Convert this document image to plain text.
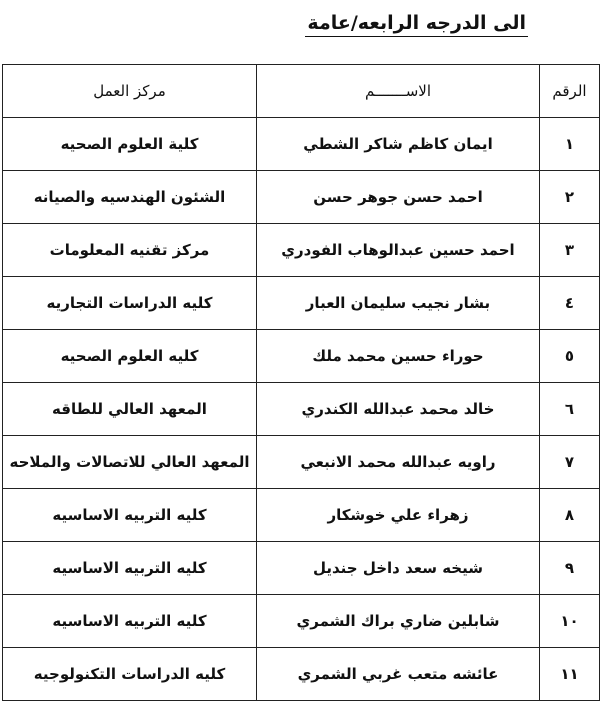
الى الدرجه الرابعه/عامة
الرقم	الاســـــــم	مركز العمل
١	ايمان كاظم شاكر الشطي	كلية العلوم الصحيه
٢	احمد حسن جوهر حسن	الشئون الهندسيه والصيانه
٣	احمد حسين عبدالوهاب الفودري	مركز تقنيه المعلومات
٤	بشار نجيب سليمان العبار	كليه الدراسات التجاريه
٥	حوراء حسين محمد ملك	كليه العلوم الصحيه
٦	خالد محمد عبدالله الكندري	المعهد العالي للطاقه
٧	راويه عبدالله محمد الانبعي	المعهد العالي للاتصالات والملاحه
٨	زهراء علي خوشكار	كليه التربيه الاساسيه
٩	شيخه سعد داخل جنديل	كليه التربيه الاساسيه
١٠	شابلين ضاري براك الشمري	كليه التربيه الاساسيه
١١	عائشه متعب غربي الشمري	كليه الدراسات التكنولوجيه
